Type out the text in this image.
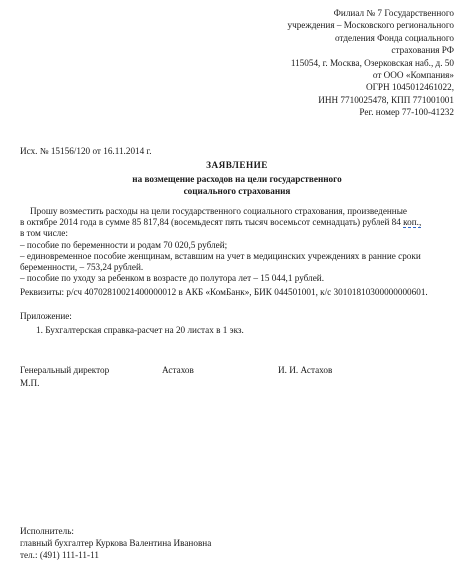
Филиал № 7 Государственного
учреждения – Московского регионального
отделения Фонда социального
страхования РФ
115054, г. Москва, Озерковская наб., д. 50
от ООО «Компания»
ОГРН 1045012461022,
ИНН 7710025478, КПП 771001001
Рег. номер 77-100-41232
Исх. № 15156/120 от 16.11.2014 г.
ЗАЯВЛЕНИЕ
на возмещение расходов на цели государственного
социального страхования
Прошу возместить расходы на цели государственного социального страхования, произведенные
в октябре 2014 года в сумме 85 817,84 (восемьдесят пять тысяч восемьсот семнадцать) рублей 84 коп.,
в том числе:
– пособие по беременности и родам 70 020,5 рублей;
– единовременное пособие женщинам, вставшим на учет в медицинских учреждениях в ранние сроки
беременности, – 753,24 рублей.
– пособие по уходу за ребенком в возрасте до полутора лет – 15 044,1 рублей.
Реквизиты: р/сч 40702810021400000012 в АКБ «КомБанк», БИК 044501001, к/с 30101810300000000601.
Приложение:
1. Бухгалтерская справка-расчет на 20 листах в 1 экз.
Генеральный директор	Астахов	И. И. Астахов
М.П.
Исполнитель:
главный бухгалтер Куркова Валентина Ивановна
тел.: (491) 111-11-11
